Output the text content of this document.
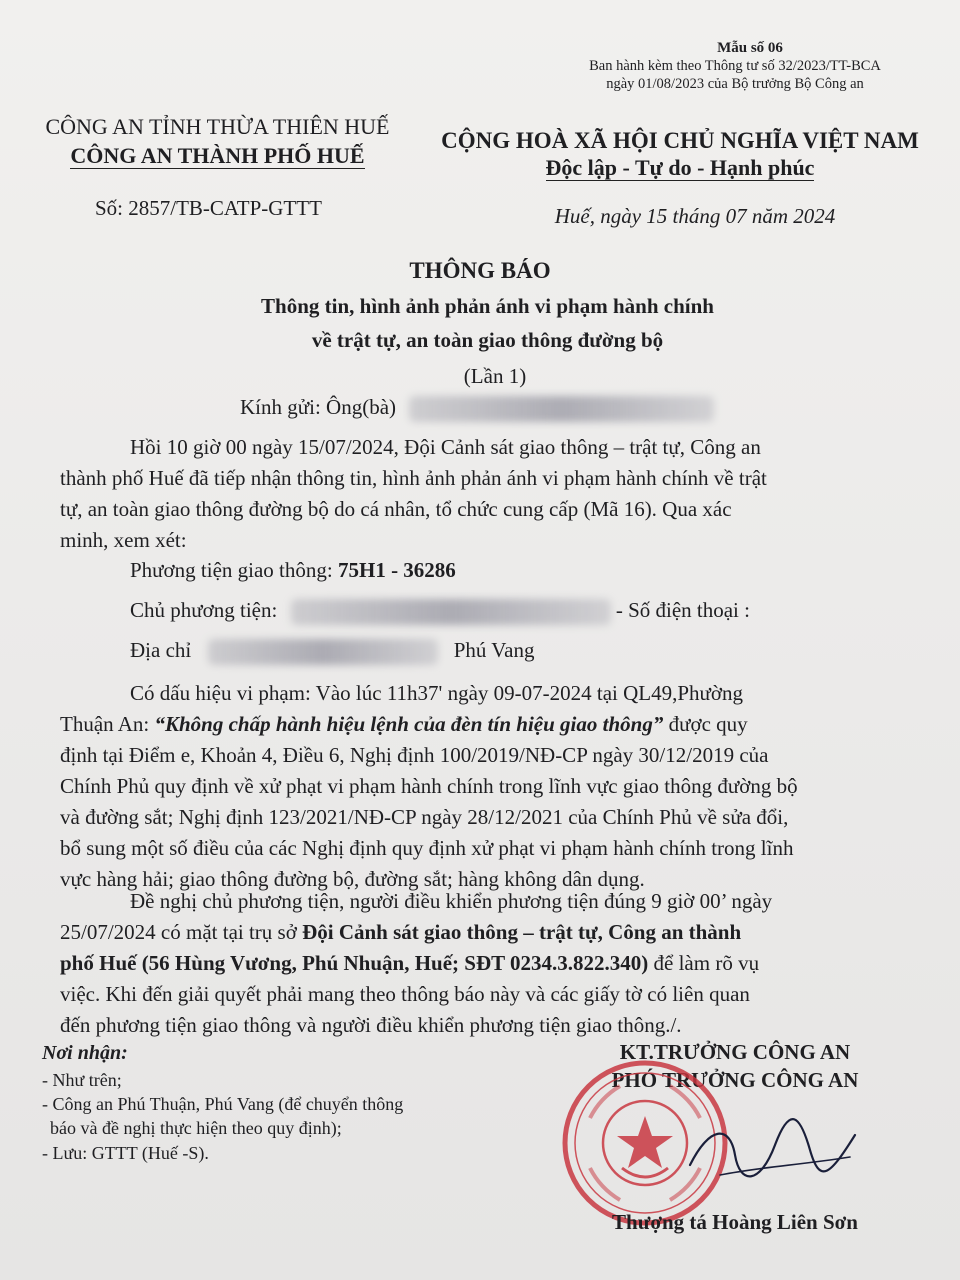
Mẫu số 06
Ban hành kèm theo Thông tư số 32/2023/TT-BCA
ngày 01/08/2023 của Bộ trưởng Bộ Công an
CÔNG AN TỈNH THỪA THIÊN HUẾ
CÔNG AN THÀNH PHỐ HUẾ
Số: 2857/TB-CATP-GTTT
CỘNG HOÀ XÃ HỘI CHỦ NGHĨA VIỆT NAM
Độc lập - Tự do - Hạnh phúc
Huế, ngày 15 tháng 07 năm 2024
THÔNG BÁO
Thông tin, hình ảnh phản ánh vi phạm hành chính
về trật tự, an toàn giao thông đường bộ
(Lần 1)
Kính gửi: Ông(bà)
Hồi 10 giờ 00 ngày 15/07/2024, Đội Cảnh sát giao thông – trật tự, Công an
thành phố Huế đã tiếp nhận thông tin, hình ảnh phản ánh vi phạm hành chính về trật
tự, an toàn giao thông đường bộ do cá nhân, tổ chức cung cấp (Mã 16). Qua xác
minh, xem xét:
Phương tiện giao thông: 75H1 - 36286
Chủ phương tiện:	- Số điện thoại :
Địa chỉ	Phú Vang
Có dấu hiệu vi phạm: Vào lúc 11h37' ngày 09-07-2024 tại QL49,Phường
Thuận An: “Không chấp hành hiệu lệnh của đèn tín hiệu giao thông” được quy
định tại Điểm e, Khoản 4, Điều 6, Nghị định 100/2019/NĐ-CP ngày 30/12/2019 của
Chính Phủ quy định về xử phạt vi phạm hành chính trong lĩnh vực giao thông đường bộ
và đường sắt; Nghị định 123/2021/NĐ-CP ngày 28/12/2021 của Chính Phủ về sửa đổi,
bổ sung một số điều của các Nghị định quy định xử phạt vi phạm hành chính trong lĩnh
vực hàng hải; giao thông đường bộ, đường sắt; hàng không dân dụng.
Đề nghị chủ phương tiện, người điều khiển phương tiện đúng 9 giờ 00’ ngày
25/07/2024 có mặt tại trụ sở Đội Cảnh sát giao thông – trật tự, Công an thành
phố Huế (56 Hùng Vương, Phú Nhuận, Huế; SĐT 0234.3.822.340) để làm rõ vụ
việc. Khi đến giải quyết phải mang theo thông báo này và các giấy tờ có liên quan
đến phương tiện giao thông và người điều khiển phương tiện giao thông./.
Nơi nhận:
- Như trên;
- Công an Phú Thuận, Phú Vang (để chuyển thông
báo và đề nghị thực hiện theo quy định);
- Lưu: GTTT (Huế -S).
KT.TRƯỞNG CÔNG AN
PHÓ TRƯỞNG CÔNG AN
Thượng tá Hoàng Liên Sơn
